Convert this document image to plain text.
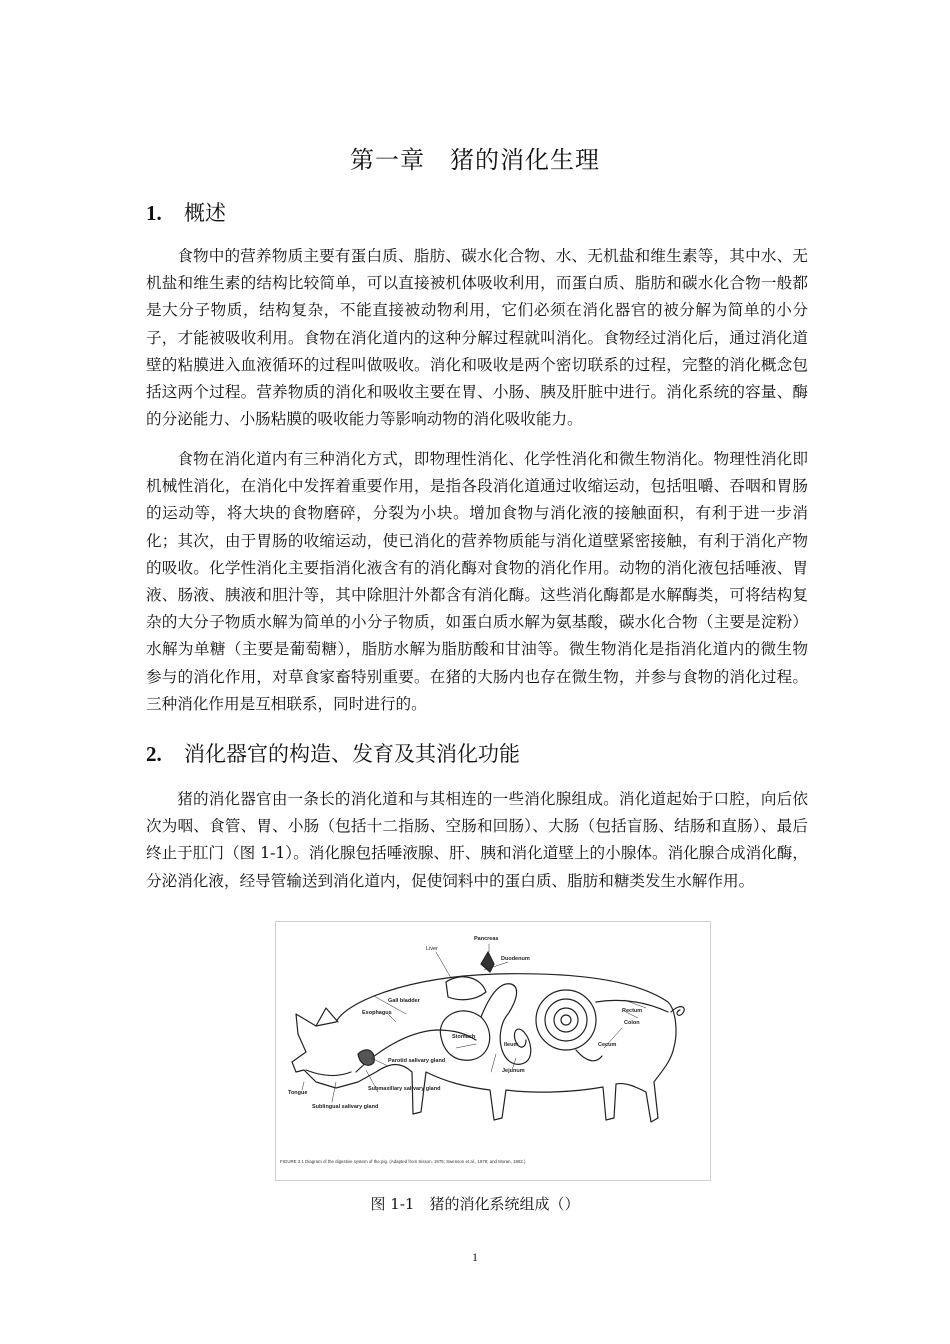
第一章　猪的消化生理
1. 概述

食物中的营养物质主要有蛋白质、脂肪、碳水化合物、水、无机盐和维生素等，其中水、无机盐和维生素的结构比较简单，可以直接被机体吸收利用，而蛋白质、脂肪和碳水化合物一般都是大分子物质，结构复杂，不能直接被动物利用，它们必须在消化器官的被分解为简单的小分子，才能被吸收利用。食物在消化道内的这种分解过程就叫消化。食物经过消化后，通过消化道壁的粘膜进入血液循环的过程叫做吸收。消化和吸收是两个密切联系的过程，完整的消化概念包括这两个过程。营养物质的消化和吸收主要在胃、小肠、胰及肝脏中进行。消化系统的容量、酶的分泌能力、小肠粘膜的吸收能力等影响动物的消化吸收能力。

食物在消化道内有三种消化方式，即物理性消化、化学性消化和微生物消化。物理性消化即机械性消化，在消化中发挥着重要作用，是指各段消化道通过收缩运动，包括咀嚼、吞咽和胃肠的运动等，将大块的食物磨碎，分裂为小块。增加食物与消化液的接触面积，有利于进一步消化；其次，由于胃肠的收缩运动，使已消化的营养物质能与消化道壁紧密接触，有利于消化产物的吸收。化学性消化主要指消化液含有的消化酶对食物的消化作用。动物的消化液包括唾液、胃液、肠液、胰液和胆汁等，其中除胆汁外都含有消化酶。这些消化酶都是水解酶类，可将结构复杂的大分子物质水解为简单的小分子物质，如蛋白质水解为氨基酸，碳水化合物（主要是淀粉）水解为单糖（主要是葡萄糖），脂肪水解为脂肪酸和甘油等。微生物消化是指消化道内的微生物参与的消化作用，对草食家畜特别重要。在猪的大肠内也存在微生物，并参与食物的消化过程。三种消化作用是互相联系，同时进行的。

2. 消化器官的构造、发育及其消化功能

猪的消化器官由一条长的消化道和与其相连的一些消化腺组成。消化道起始于口腔，向后依次为咽、食管、胃、小肠（包括十二指肠、空肠和回肠）、大肠（包括盲肠、结肠和直肠）、最后终止于肛门（图 1-1）。消化腺包括唾液腺、肝、胰和消化道壁上的小腺体。消化腺合成消化酶，分泌消化液，经导管输送到消化道内，促使饲料中的蛋白质、脂肪和糖类发生水解作用。

Pancreas
Liver
Duodenum
Gall bladder
Esophagus
Stomach
Rectum
Colon
Cecum
Ileum
Jejunum
Parotid salivary gland
Submaxillary salivary gland
Sublingual salivary gland
Tongue
FIGURE 3.1 Diagram of the digestive system of the pig. (Adapted from Sisson, 1975; Swenson et al., 1979; and Moran, 1982.)
图 1-1　猪的消化系统组成（）
1
